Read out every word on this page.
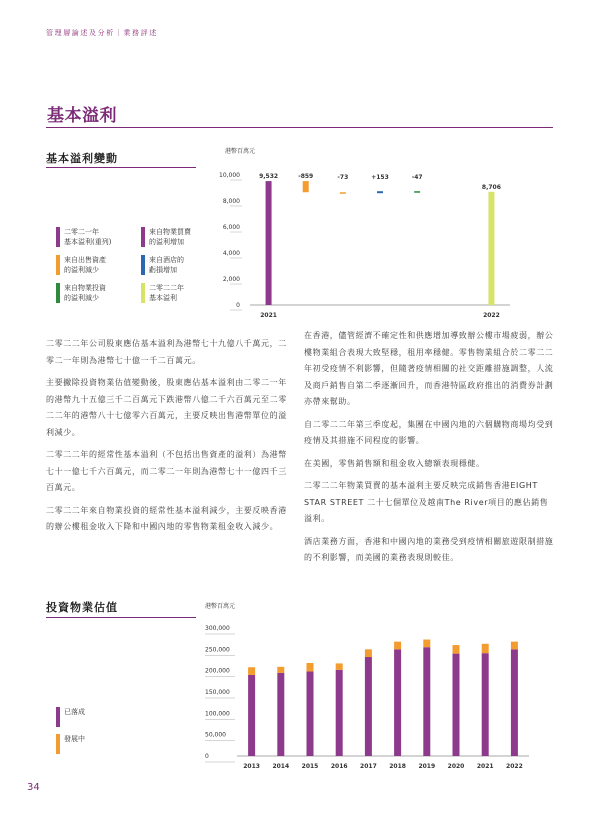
管理層論述及分析｜業務評述
基本溢利
基本溢利變動
港幣百萬元
0
2,000
4,000
6,000
8,000
10,000	9,532	-859	-73	+153	-47
8,706
2021	2022
二零二一年
基本溢利(重列)
來自物業買賣
的溢利增加
來自出售資產
的溢利減少
來自酒店的
虧損增加
來自物業投資
的溢利減少
二零二二年
基本溢利

二零二二年公司股東應佔基本溢利為港幣七十九億八千萬元，二零二一年則為港幣七十億一千二百萬元。

主要撇除投資物業估值變動後，股東應佔基本溢利由二零二一年的港幣九十五億三千二百萬元下跌港幣八億二千六百萬元至二零二二年的港幣八十七億零六百萬元，主要反映出售港幣單位的溢利減少。

二零二二年的經常性基本溢利（不包括出售資產的溢利）為港幣七十一億七千六百萬元，而二零二一年則為港幣七十一億四千三百萬元。

二零二二年來自物業投資的經常性基本溢利減少，主要反映香港的辦公樓租金收入下降和中國內地的零售物業租金收入減少。

在香港，儘管經濟不確定性和供應增加導致辦公樓市場疲弱，辦公樓物業組合表現大致堅穩，租用率穩健。零售物業組合於二零二二年初受疫情不利影響，但隨著疫情相關的社交距離措施調整，人流及商戶銷售自第二季逐漸回升，而香港特區政府推出的消費券計劃亦帶來幫助。

自二零二二年第三季度起，集團在中國內地的六個購物商場均受到疫情及其措施不同程度的影響。

在美國，零售銷售額和租金收入總額表現穩健。

二零二二年物業買賣的基本溢利主要反映完成銷售香港EIGHT STAR STREET 二十七個單位及越南The River項目的應佔銷售溢利。

酒店業務方面，香港和中國內地的業務受到疫情相關旅遊限制措施的不利影響，而美國的業務表現則較佳。

投資物業估值	港幣百萬元
0
50,000
100,000
150,000
200,000
250,000
300,000
2013 2014 2015 2016 2017 2018 2019 2020 2021 2022
已落成
發展中
34
